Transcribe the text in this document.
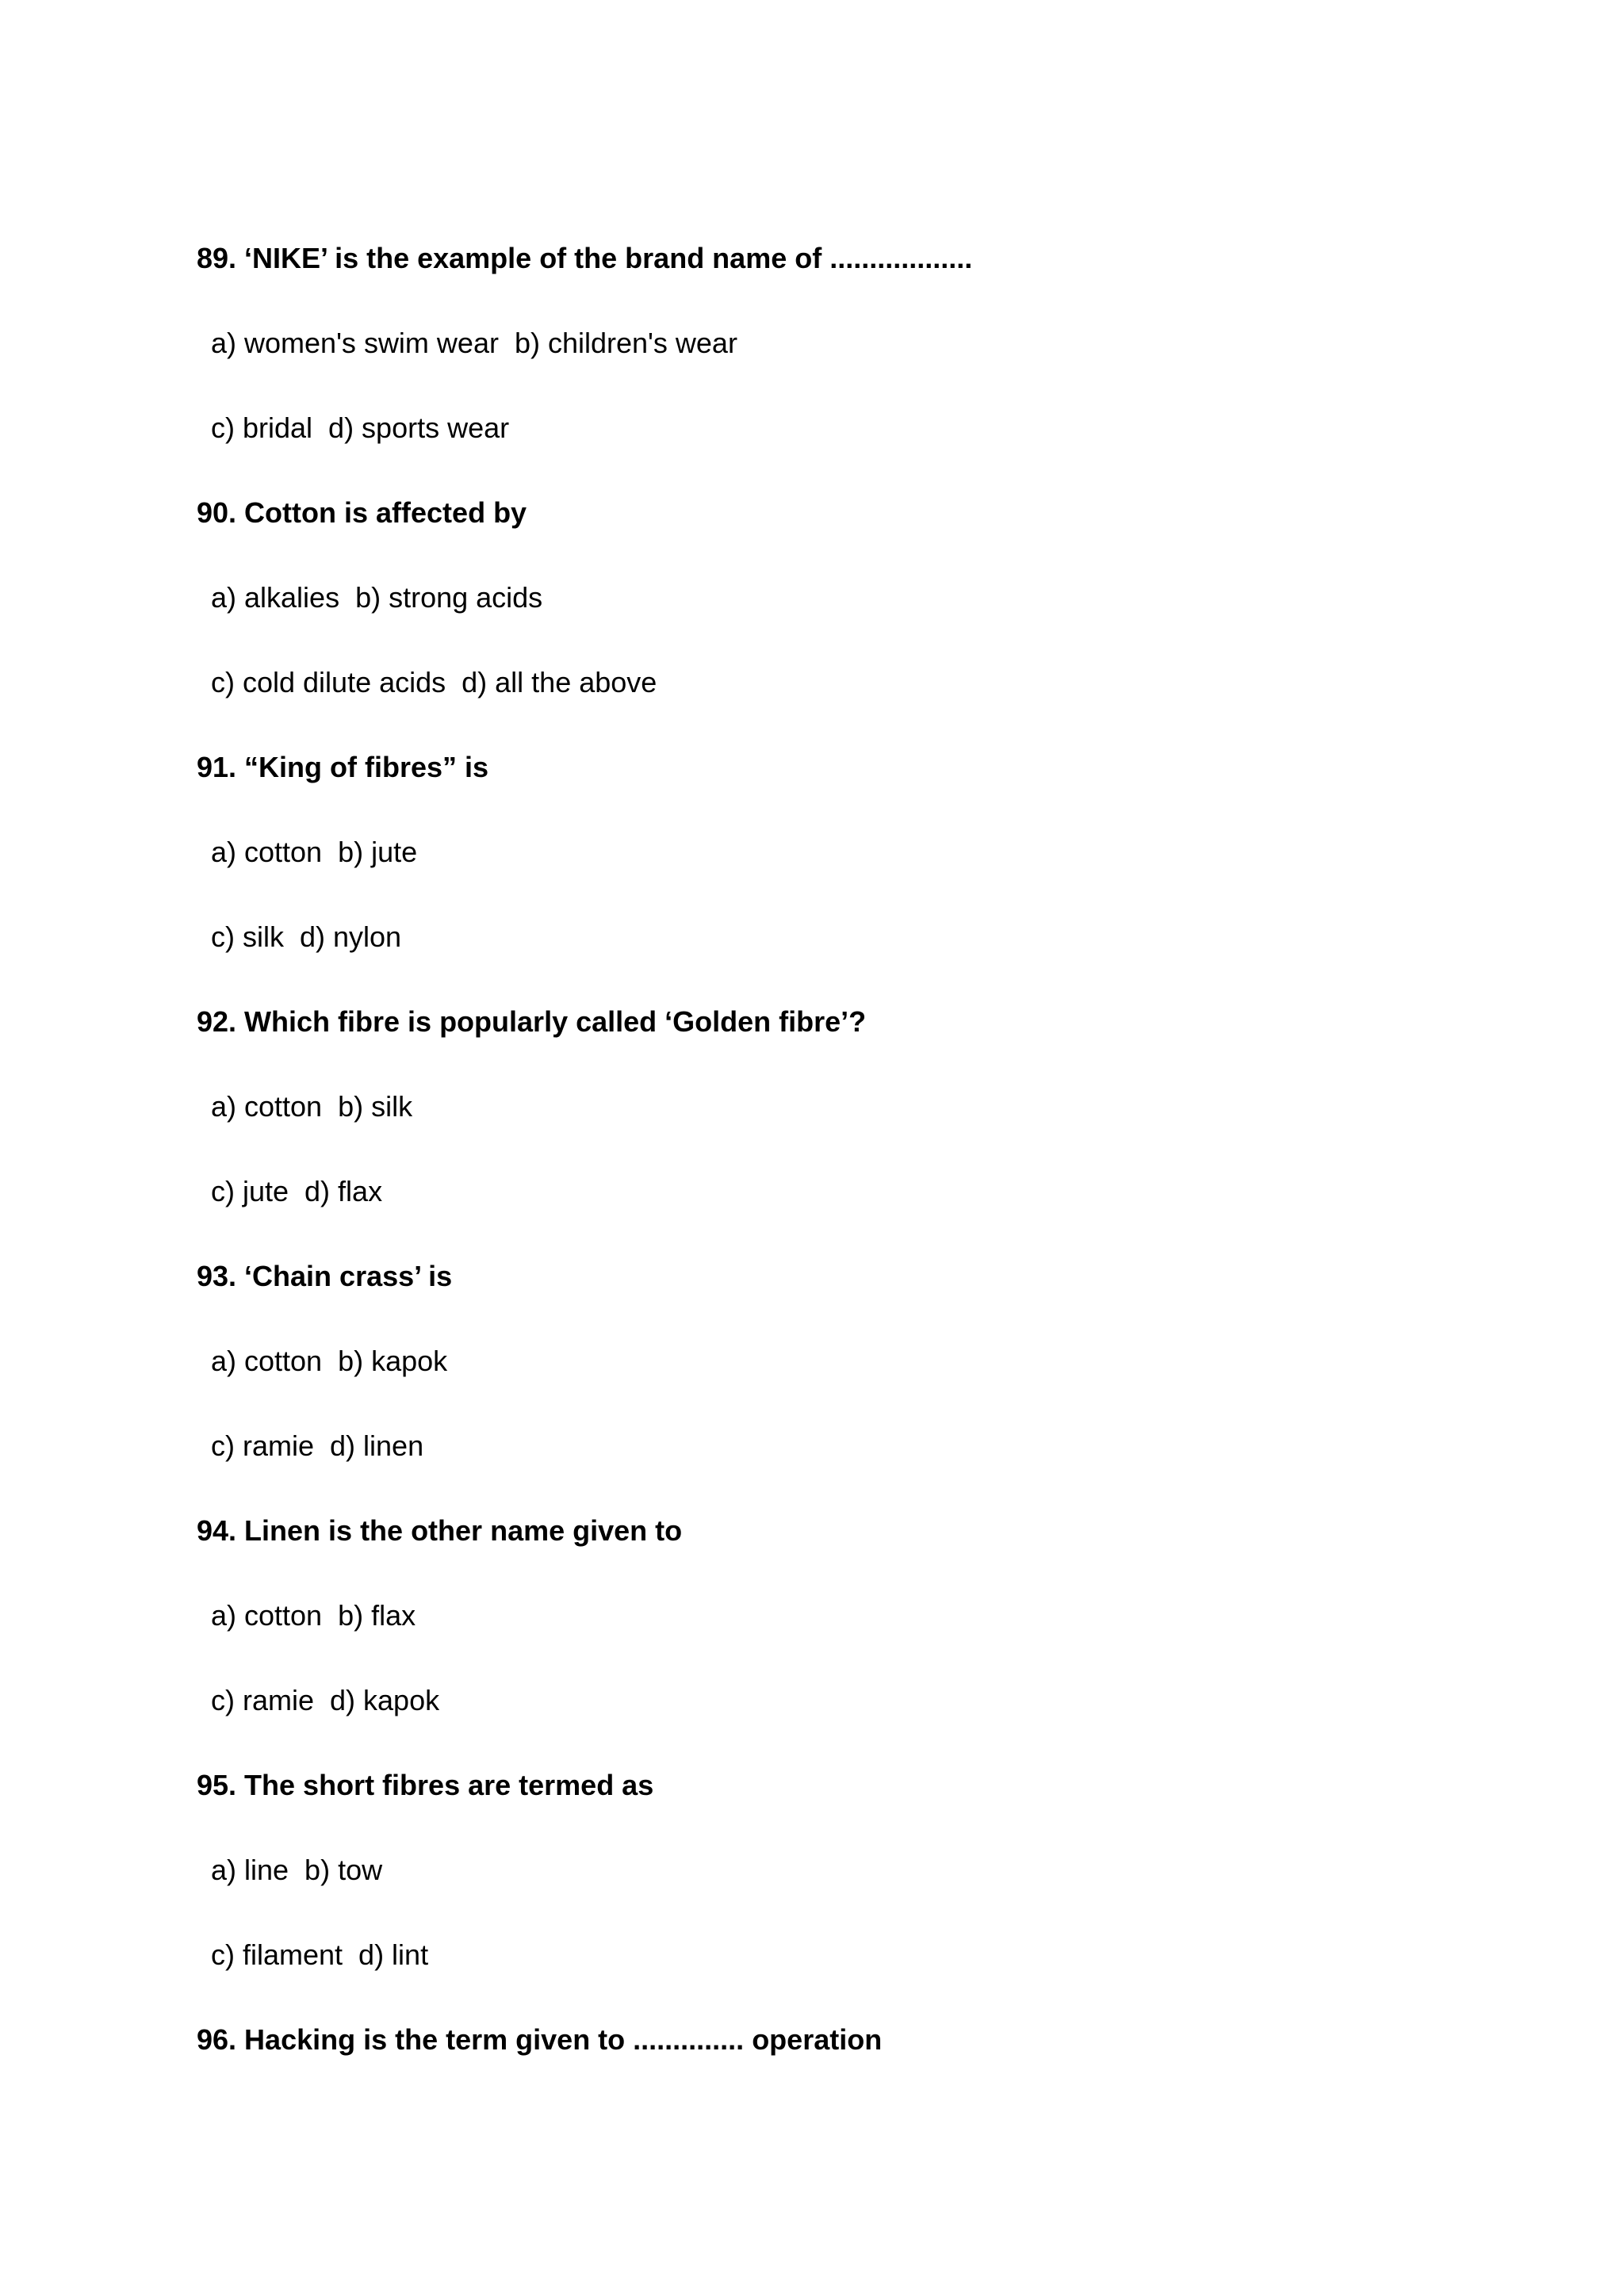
89. ‘NIKE’ is the example of the brand name of ..................
a) women's swim wear  b) children's wear
c) bridal  d) sports wear
90. Cotton is affected by
a) alkalies  b) strong acids
c) cold dilute acids  d) all the above
91. “King of fibres” is
a) cotton  b) jute
c) silk  d) nylon
92. Which fibre is popularly called ‘Golden fibre’?
a) cotton  b) silk
c) jute  d) flax
93. ‘Chain crass’ is
a) cotton  b) kapok
c) ramie  d) linen
94. Linen is the other name given to
a) cotton  b) flax
c) ramie  d) kapok
95. The short fibres are termed as
a) line  b) tow
c) filament  d) lint
96. Hacking is the term given to .............. operation
